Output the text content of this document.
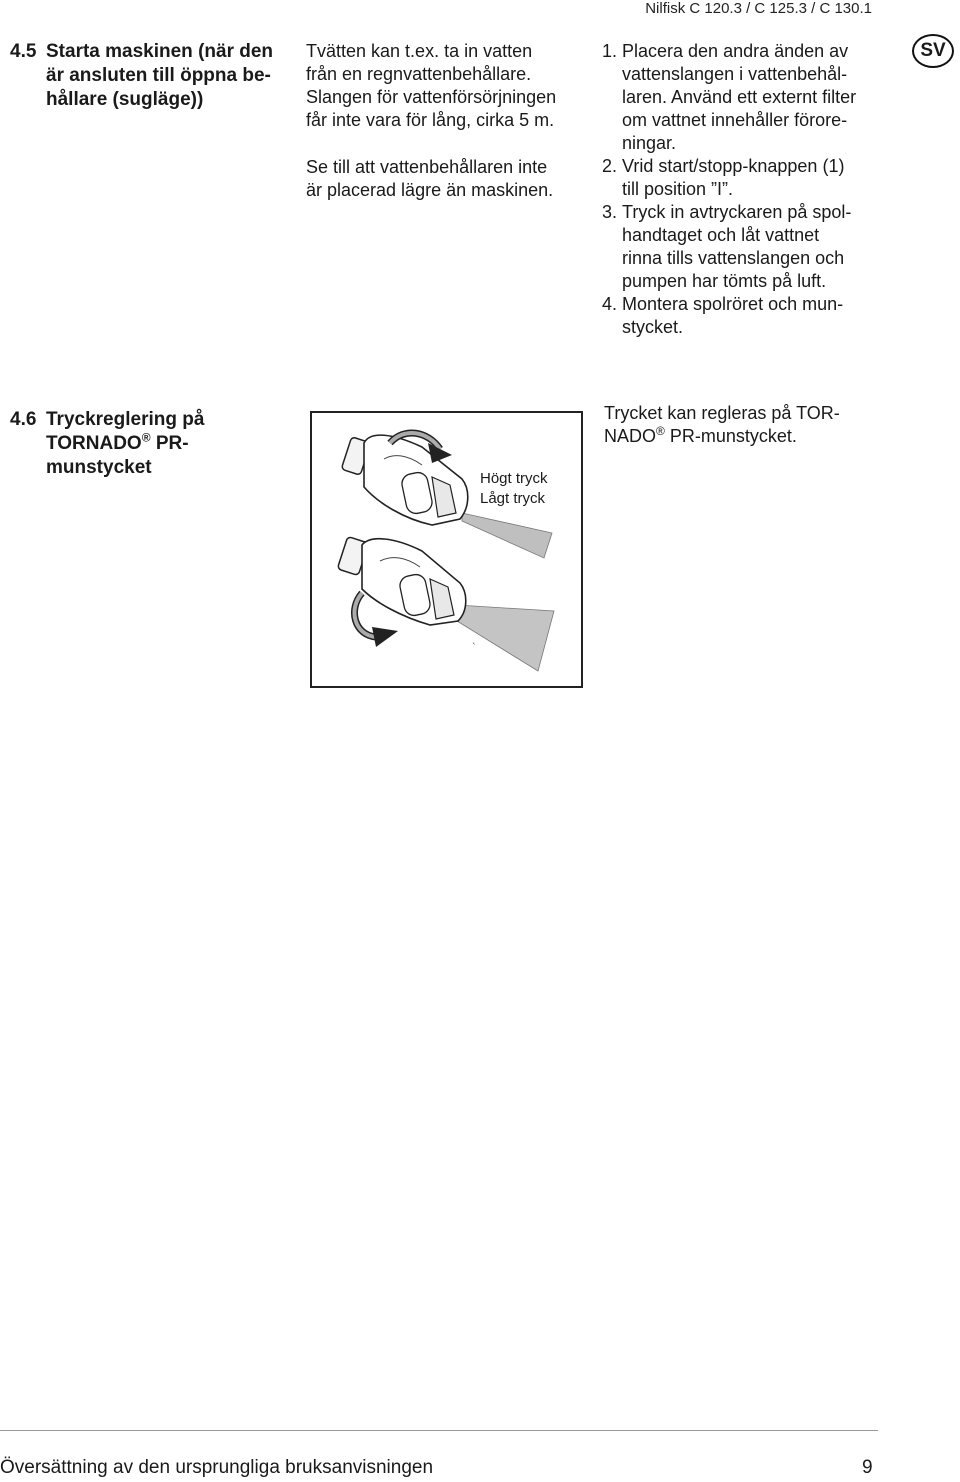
Nilfisk C 120.3 / C 125.3 / C 130.1
SV
4.5 Starta maskinen (när den
är ansluten till öppna be-
hållare (sugläge))
Tvätten kan t.ex. ta in vatten
från en regnvattenbehållare.
Slangen för vattenförsörjningen
får inte vara för lång, cirka 5 m.
Se till att vattenbehållaren inte
är placerad lägre än maskinen.
1. Placera den andra änden av
vattenslangen i vattenbehål-
laren. Använd ett externt filter
om vattnet innehåller förore-
ningar.
2. Vrid start/stopp-knappen (1)
till position ”I”.
3. Tryck in avtryckaren på spol-
handtaget och låt vattnet
rinna tills vattenslangen och
pumpen har tömts på luft.
4. Montera spolröret och mun-
stycket.
4.6 Tryckreglering på
TORNADO® PR-
munstycket
`
Högt tryck
Lågt tryck
Trycket kan regleras på TOR-
NADO® PR-munstycket.
Översättning av den ursprungliga bruksanvisningen	9
